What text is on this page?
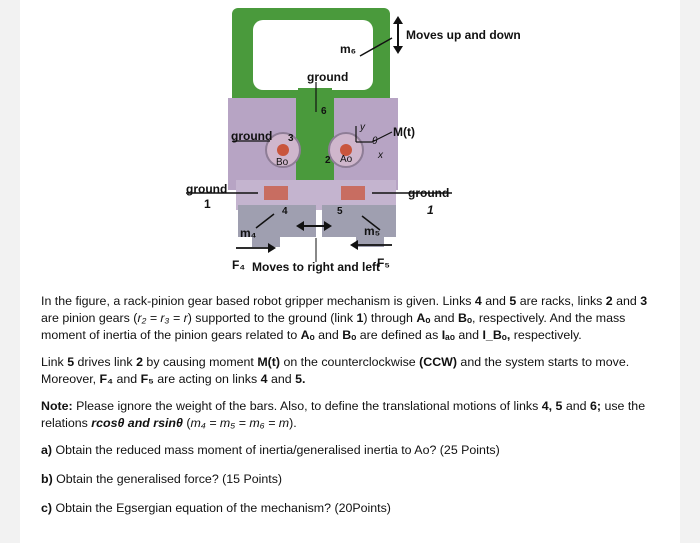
Moves up and down
m₆
ground
6
ground 3
Bo	2 Ao
M(t)
y
x
θ
ground
1
ground
1
4	5
m₄	m₅
F₄ Moves to right and left
F₅

In the figure, a rack-pinion gear based robot gripper mechanism is given. Links 4 and 5 are racks, links 2 and 3 are pinion gears (r₂ = r₃ = r) supported to the ground (link 1) through Aₒ and Bₒ, respectively. And the mass moment of inertia of the pinion gears related to Aₒ and Bₒ are defined as Iₐₒ and I_Bₒ, respectively.

Link 5 drives link 2 by causing moment M(t) on the counterclockwise (CCW) and the system starts to move. Moreover, F₄ and F₅ are acting on links 4 and 5.

Note: Please ignore the weight of the bars. Also, to define the translational motions of links 4, 5 and 6; use the relations rcosθ and rsinθ (m₄ = m₅ = m₆ = m).

a) Obtain the reduced mass moment of inertia/generalised inertia to Ao? (25 Points)

b) Obtain the generalised force? (15 Points)

c) Obtain the Egsergian equation of the mechanism? (20Points)
